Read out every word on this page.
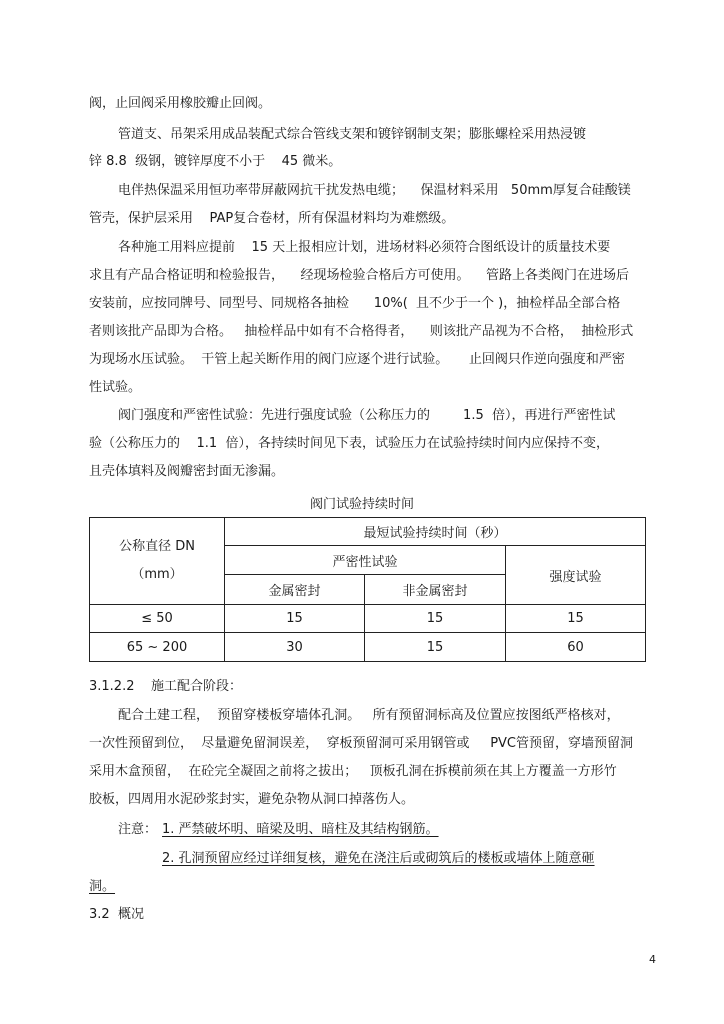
阀，止回阀采用橡胶瓣止回阀。
管道支、吊架采用成品装配式综合管线支架和镀锌钢制支架；膨胀螺栓采用热浸镀
锌 8.8  级钢，镀锌厚度不小于    45 微米。
电伴热保温采用恒功率带屏蔽网抗干扰发热电缆；    保温材料采用   50mm厚复合硅酸镁
管壳，保护层采用    PAP复合卷材，所有保温材料均为难燃级。
各种施工用料应提前    15 天上报相应计划，进场材料必须符合图纸设计的质量技术要
求且有产品合格证明和检验报告，    经现场检验合格后方可使用。    管路上各类阀门在进场后
安装前，应按同牌号、同型号、同规格各抽检      10%(  且不少于一个 )，抽检样品全部合格
者则该批产品即为合格。   抽检样品中如有不合格得者，    则该批产品视为不合格，  抽检形式
为现场水压试验。  干管上起关断作用的阀门应逐个进行试验。     止回阀只作逆向强度和严密
性试验。
阀门强度和严密性试验：先进行强度试验（公称压力的        1.5  倍），再进行严密性试
验（公称压力的    1.1  倍），各持续时间见下表，试验压力在试验持续时间内应保持不变，
且壳体填料及阀瓣密封面无渗漏。
阀门试验持续时间
公称直径 DN
（mm）	最短试验持续时间（秒）		
	严密性试验		强度试验
	金属密封	非金属密封	
≤ 50	15	15	15
65 ~ 200	30	15	60
3.1.2.2    施工配合阶段：
配合土建工程，  预留穿楼板穿墙体孔洞。   所有预留洞标高及位置应按图纸严格核对，
一次性预留到位，  尽量避免留洞误差，  穿板预留洞可采用钢管或     PVC管预留，穿墙预留洞
采用木盒预留，  在砼完全凝固之前将之拔出；   顶板孔洞在拆模前须在其上方覆盖一方形竹
胶板，四周用水泥砂浆封实，避免杂物从洞口掉落伤人。
注意： 1. 严禁破坏明、暗梁及明、暗柱及其结构钢筋。
2. 孔洞预留应经过详细复核，避免在浇注后或砌筑后的楼板或墙体上随意砸
洞。
3.2  概况
4
